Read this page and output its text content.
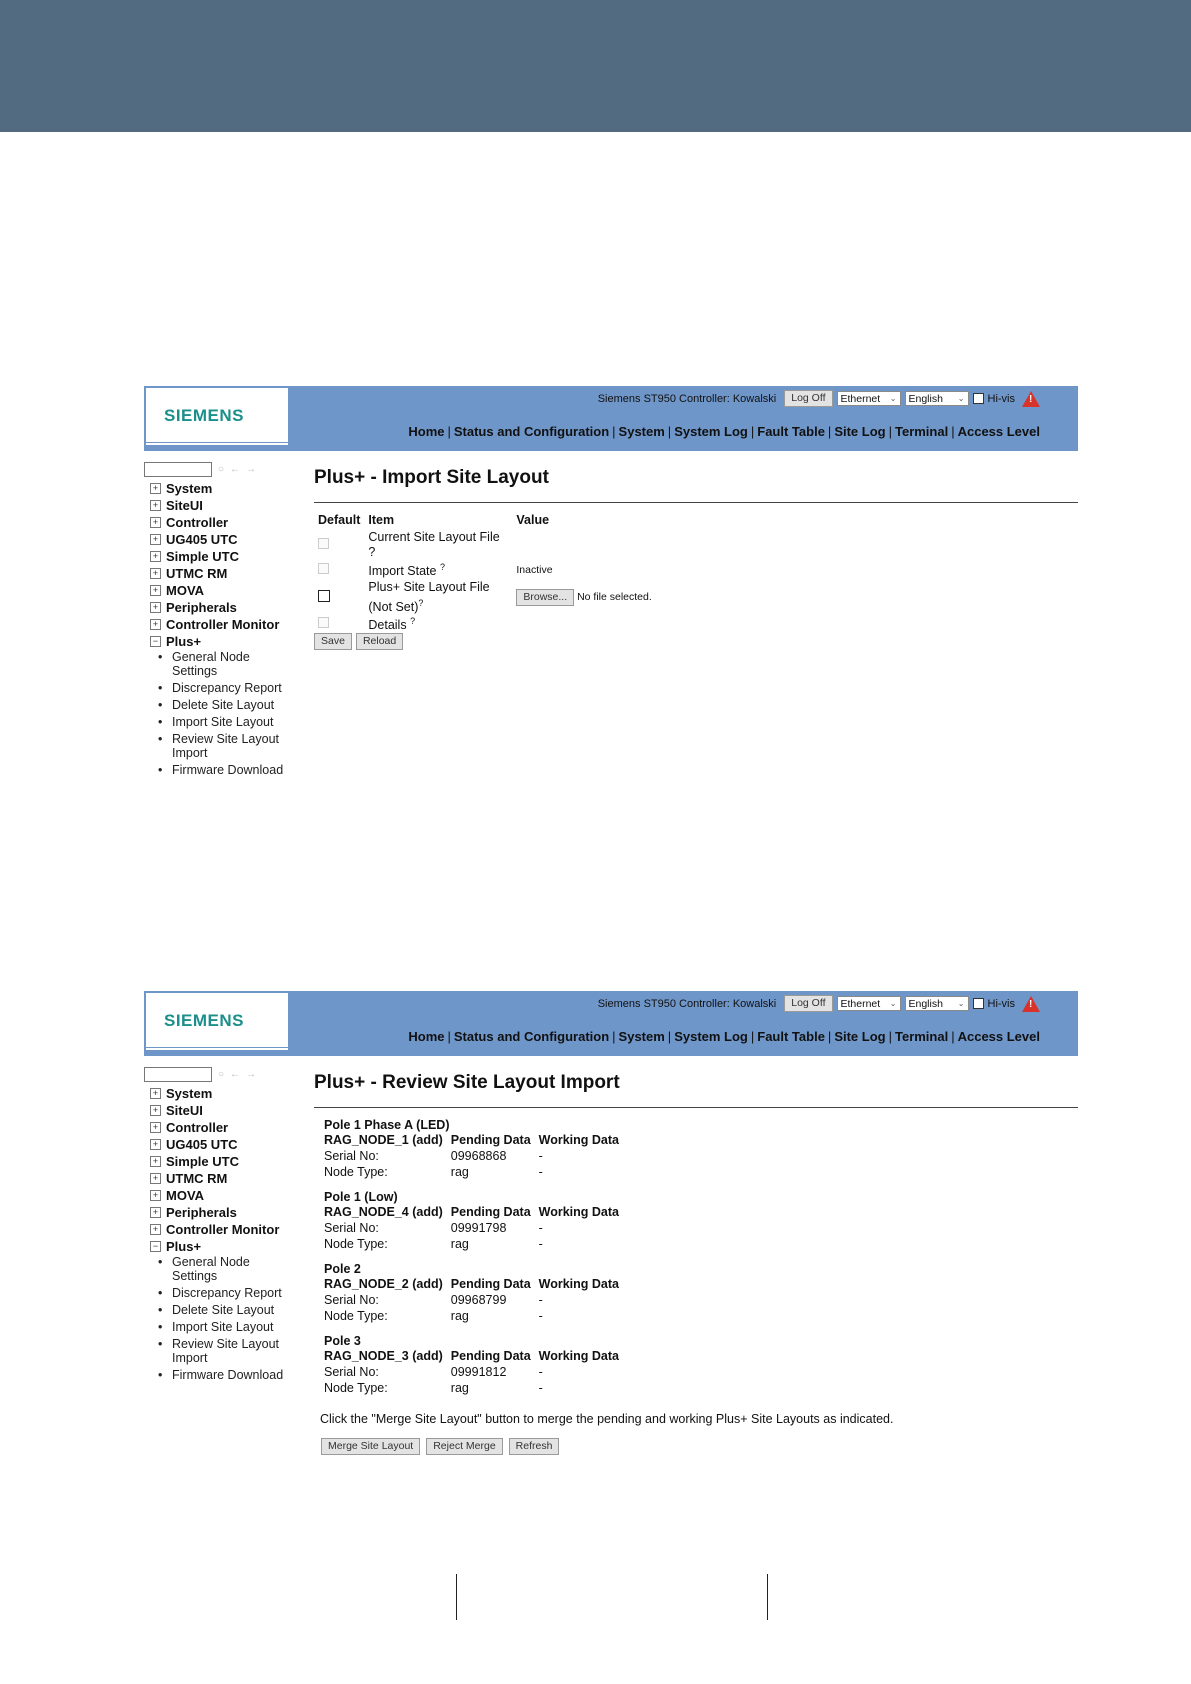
SIEMENS
Siemens ST950 Controller: Kowalski	Log Off	Ethernet ⌄ English ⌄ Hi-vis !
Home | Status and Configuration | System | System Log | Fault Table | Site Log | Terminal | Access Level
○ ← →
+ System
+ SiteUI
+ Controller
+ UG405 UTC
+ Simple UTC
+ UTMC RM
+ MOVA
+ Peripherals
+ Controller Monitor
− Plus+
• General Node Settings
• Discrepancy Report
• Delete Site Layout
• Import Site Layout
• Review Site Layout Import
• Firmware Download
Plus+ - Import Site Layout
Default	Item	Value
	Current Site Layout File
?	
	Import State ?	Inactive
	Plus+ Site Layout File (Not Set)?	Browse... No file selected.
	Details ?	
Save	Reload
SIEMENS
Siemens ST950 Controller: Kowalski	Log Off	Ethernet ⌄ English ⌄ Hi-vis !
Home | Status and Configuration | System | System Log | Fault Table | Site Log | Terminal | Access Level
○ ← →
+ System
+ SiteUI
+ Controller
+ UG405 UTC
+ Simple UTC
+ UTMC RM
+ MOVA
+ Peripherals
+ Controller Monitor
− Plus+
• General Node Settings
• Discrepancy Report
• Delete Site Layout
• Import Site Layout
• Review Site Layout Import
• Firmware Download
Plus+ - Review Site Layout Import
Pole 1 Phase A (LED)
RAG_NODE_1 (add)	Pending Data	Working Data
Serial No:	09968868	-
Node Type:	rag	-
Pole 1 (Low)
RAG_NODE_4 (add)	Pending Data	Working Data
Serial No:	09991798	-
Node Type:	rag	-
Pole 2
RAG_NODE_2 (add)	Pending Data	Working Data
Serial No:	09968799	-
Node Type:	rag	-
Pole 3
RAG_NODE_3 (add)	Pending Data	Working Data
Serial No:	09991812	-
Node Type:	rag	-
Click the "Merge Site Layout" button to merge the pending and working Plus+ Site Layouts as indicated.
Merge Site Layout	Reject Merge	Refresh
